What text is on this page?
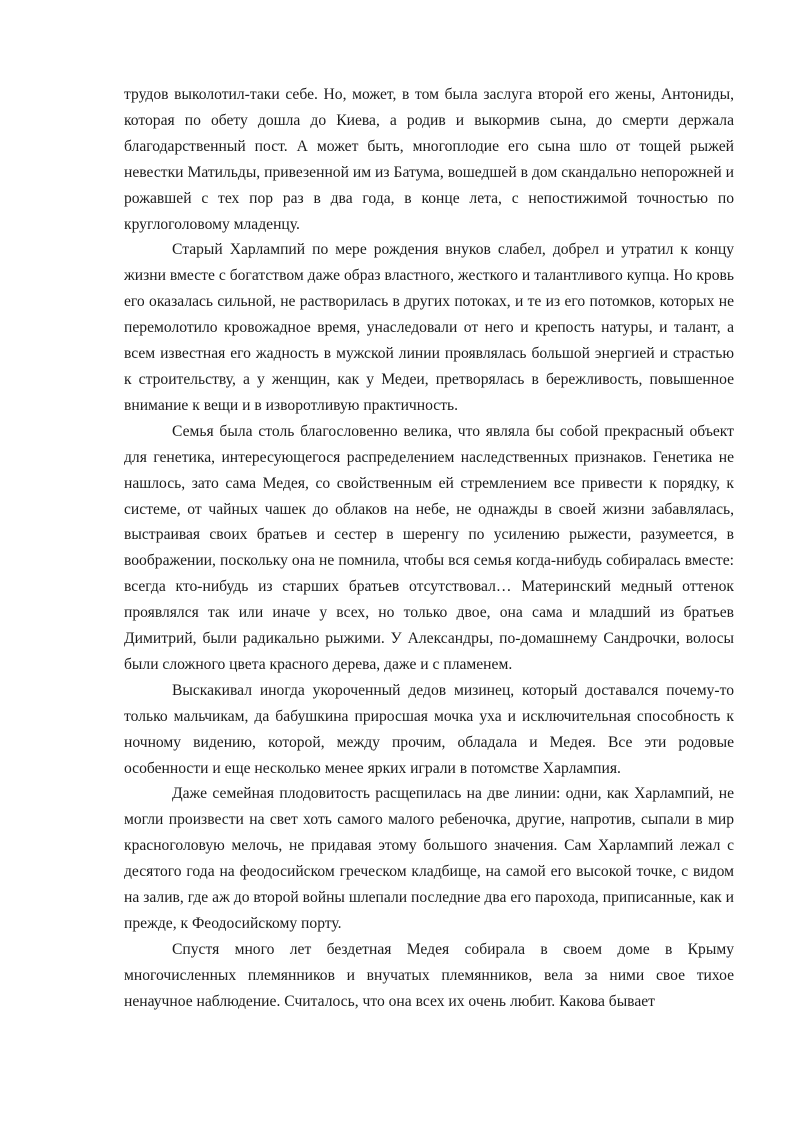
трудов выколотил-таки себе. Но, может, в том была заслуга второй его жены, Антониды, которая по обету дошла до Киева, а родив и выкормив сына, до смерти держала благодарственный пост. А может быть, многоплодие его сына шло от тощей рыжей невестки Матильды, привезенной им из Батума, вошедшей в дом скандально непорожней и рожавшей с тех пор раз в два года, в конце лета, с непостижимой точностью по круглоголовому младенцу.

Старый Харлампий по мере рождения внуков слабел, добрел и утратил к концу жизни вместе с богатством даже образ властного, жесткого и талантливого купца. Но кровь его оказалась сильной, не растворилась в других потоках, и те из его потомков, которых не перемолотило кровожадное время, унаследовали от него и крепость натуры, и талант, а всем известная его жадность в мужской линии проявлялась большой энергией и страстью к строительству, а у женщин, как у Медеи, претворялась в бережливость, повышенное внимание к вещи и в изворотливую практичность.

Семья была столь благословенно велика, что являла бы собой прекрасный объект для генетика, интересующегося распределением наследственных признаков. Генетика не нашлось, зато сама Медея, со свойственным ей стремлением все привести к порядку, к системе, от чайных чашек до облаков на небе, не однажды в своей жизни забавлялась, выстраивая своих братьев и сестер в шеренгу по усилению рыжести, разумеется, в воображении, поскольку она не помнила, чтобы вся семья когда-нибудь собиралась вместе: всегда кто-нибудь из старших братьев отсутствовал… Материнский медный оттенок проявлялся так или иначе у всех, но только двое, она сама и младший из братьев Димитрий, были радикально рыжими. У Александры, по-домашнему Сандрочки, волосы были сложного цвета красного дерева, даже и с пламенем.

Выскакивал иногда укороченный дедов мизинец, который доставался почему-то только мальчикам, да бабушкина приросшая мочка уха и исключительная способность к ночному видению, которой, между прочим, обладала и Медея. Все эти родовые особенности и еще несколько менее ярких играли в потомстве Харлампия.

Даже семейная плодовитость расщепилась на две линии: одни, как Харлампий, не могли произвести на свет хоть самого малого ребеночка, другие, напротив, сыпали в мир красноголовую мелочь, не придавая этому большого значения. Сам Харлампий лежал с десятого года на феодосийском греческом кладбище, на самой его высокой точке, с видом на залив, где аж до второй войны шлепали последние два его парохода, приписанные, как и прежде, к Феодосийскому порту.

Спустя много лет бездетная Медея собирала в своем доме в Крыму многочисленных племянников и внучатых племянников, вела за ними свое тихое ненаучное наблюдение. Считалось, что она всех их очень любит. Какова бывает
